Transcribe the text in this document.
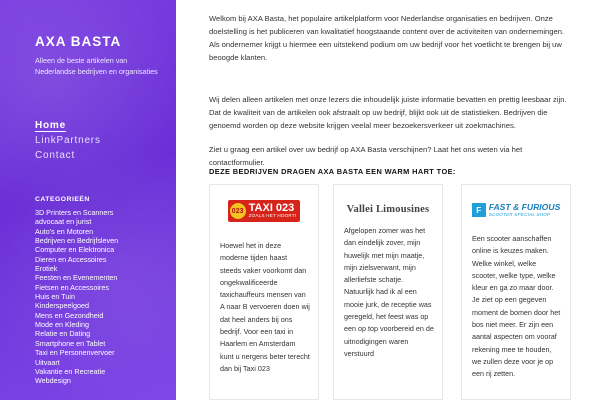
AXA BASTA
Alleen de beste artikelen van Nederlandse bedrijven en organisaties
Home
LinkPartners
Contact
CATEGORIEËN
3D Printers en Scanners
advocaat en jurist
Auto's en Motoren
Bedrijven en Bedrijfsleven
Computer en Elektronica
Dieren en Accessoires
Erotiek
Feesten en Evenementen
Fietsen en Accessoires
Huis en Tuin
Kinderspeelgoed
Mens en Gezondheid
Mode en Kleding
Relatie en Dating
Smartphone en Tablet
Taxi en Personenvervoer
Uitvaart
Vakantie en Recreatie
Webdesign

Welkom bij AXA Basta, het populaire artikelplatform voor Nederlandse organisaties en bedrijven. Onze doelstelling is het publiceren van kwalitatief hoogstaande content over de activiteiten van ondernemingen. Als ondernemer krijgt u hiermee een uitstekend podium om uw bedrijf voor het voetlicht te brengen bij uw beoogde klanten.

Wij delen alleen artikelen met onze lezers die inhoudelijk juiste informatie bevatten en prettig leesbaar zijn. Dat de kwaliteit van de artikelen ook afstraalt op uw bedrijf, blijkt ook uit de statistieken. Bedrijven die genoemd worden op deze website krijgen veelal meer bezoekersverkeer uit zoekmachines.

Ziet u graag een artikel over uw bedrijf op AXA Basta verschijnen? Laat het ons weten via het contactformulier.

DEZE BEDRIJVEN DRAGEN AXA BASTA EEN WARM HART TOE:
023 TAXI 023
ZOALS HET HOORT!

Hoewel het in deze moderne tijden haast steeds vaker voorkomt dan ongekwalificeerde taxichauffeurs mensen van A naar B vervoeren doen wij dat heel anders bij ons bedrijf. Voor een taxi in Haarlem en Amsterdam kunt u nergens beter terecht dan bij Taxi 023

Vallei Limousines

Afgelopen zomer was het dan eindelijk zover, mijn huwelijk met mijn maatje, mijn zielsverwant, mijn allerliefste schatje. Natuurlijk had ik al een mooie jurk, de receptie was geregeld, het feest was op een op top voorbereid en de uitnodigingen waren verstuurd

F FAST & FURIOUS
SCOOTER SPECIAL SHOP

Een scooter aanschaffen online is keuzes maken. Welke winkel, welke scooter, welke type, welke kleur en ga zo maar door. Je ziet op een gegeven moment de bomen door het bos niet meer. Er zijn een aantal aspecten om vooraf rekening mee te houden, we zullen deze voor je op een rij zetten.
